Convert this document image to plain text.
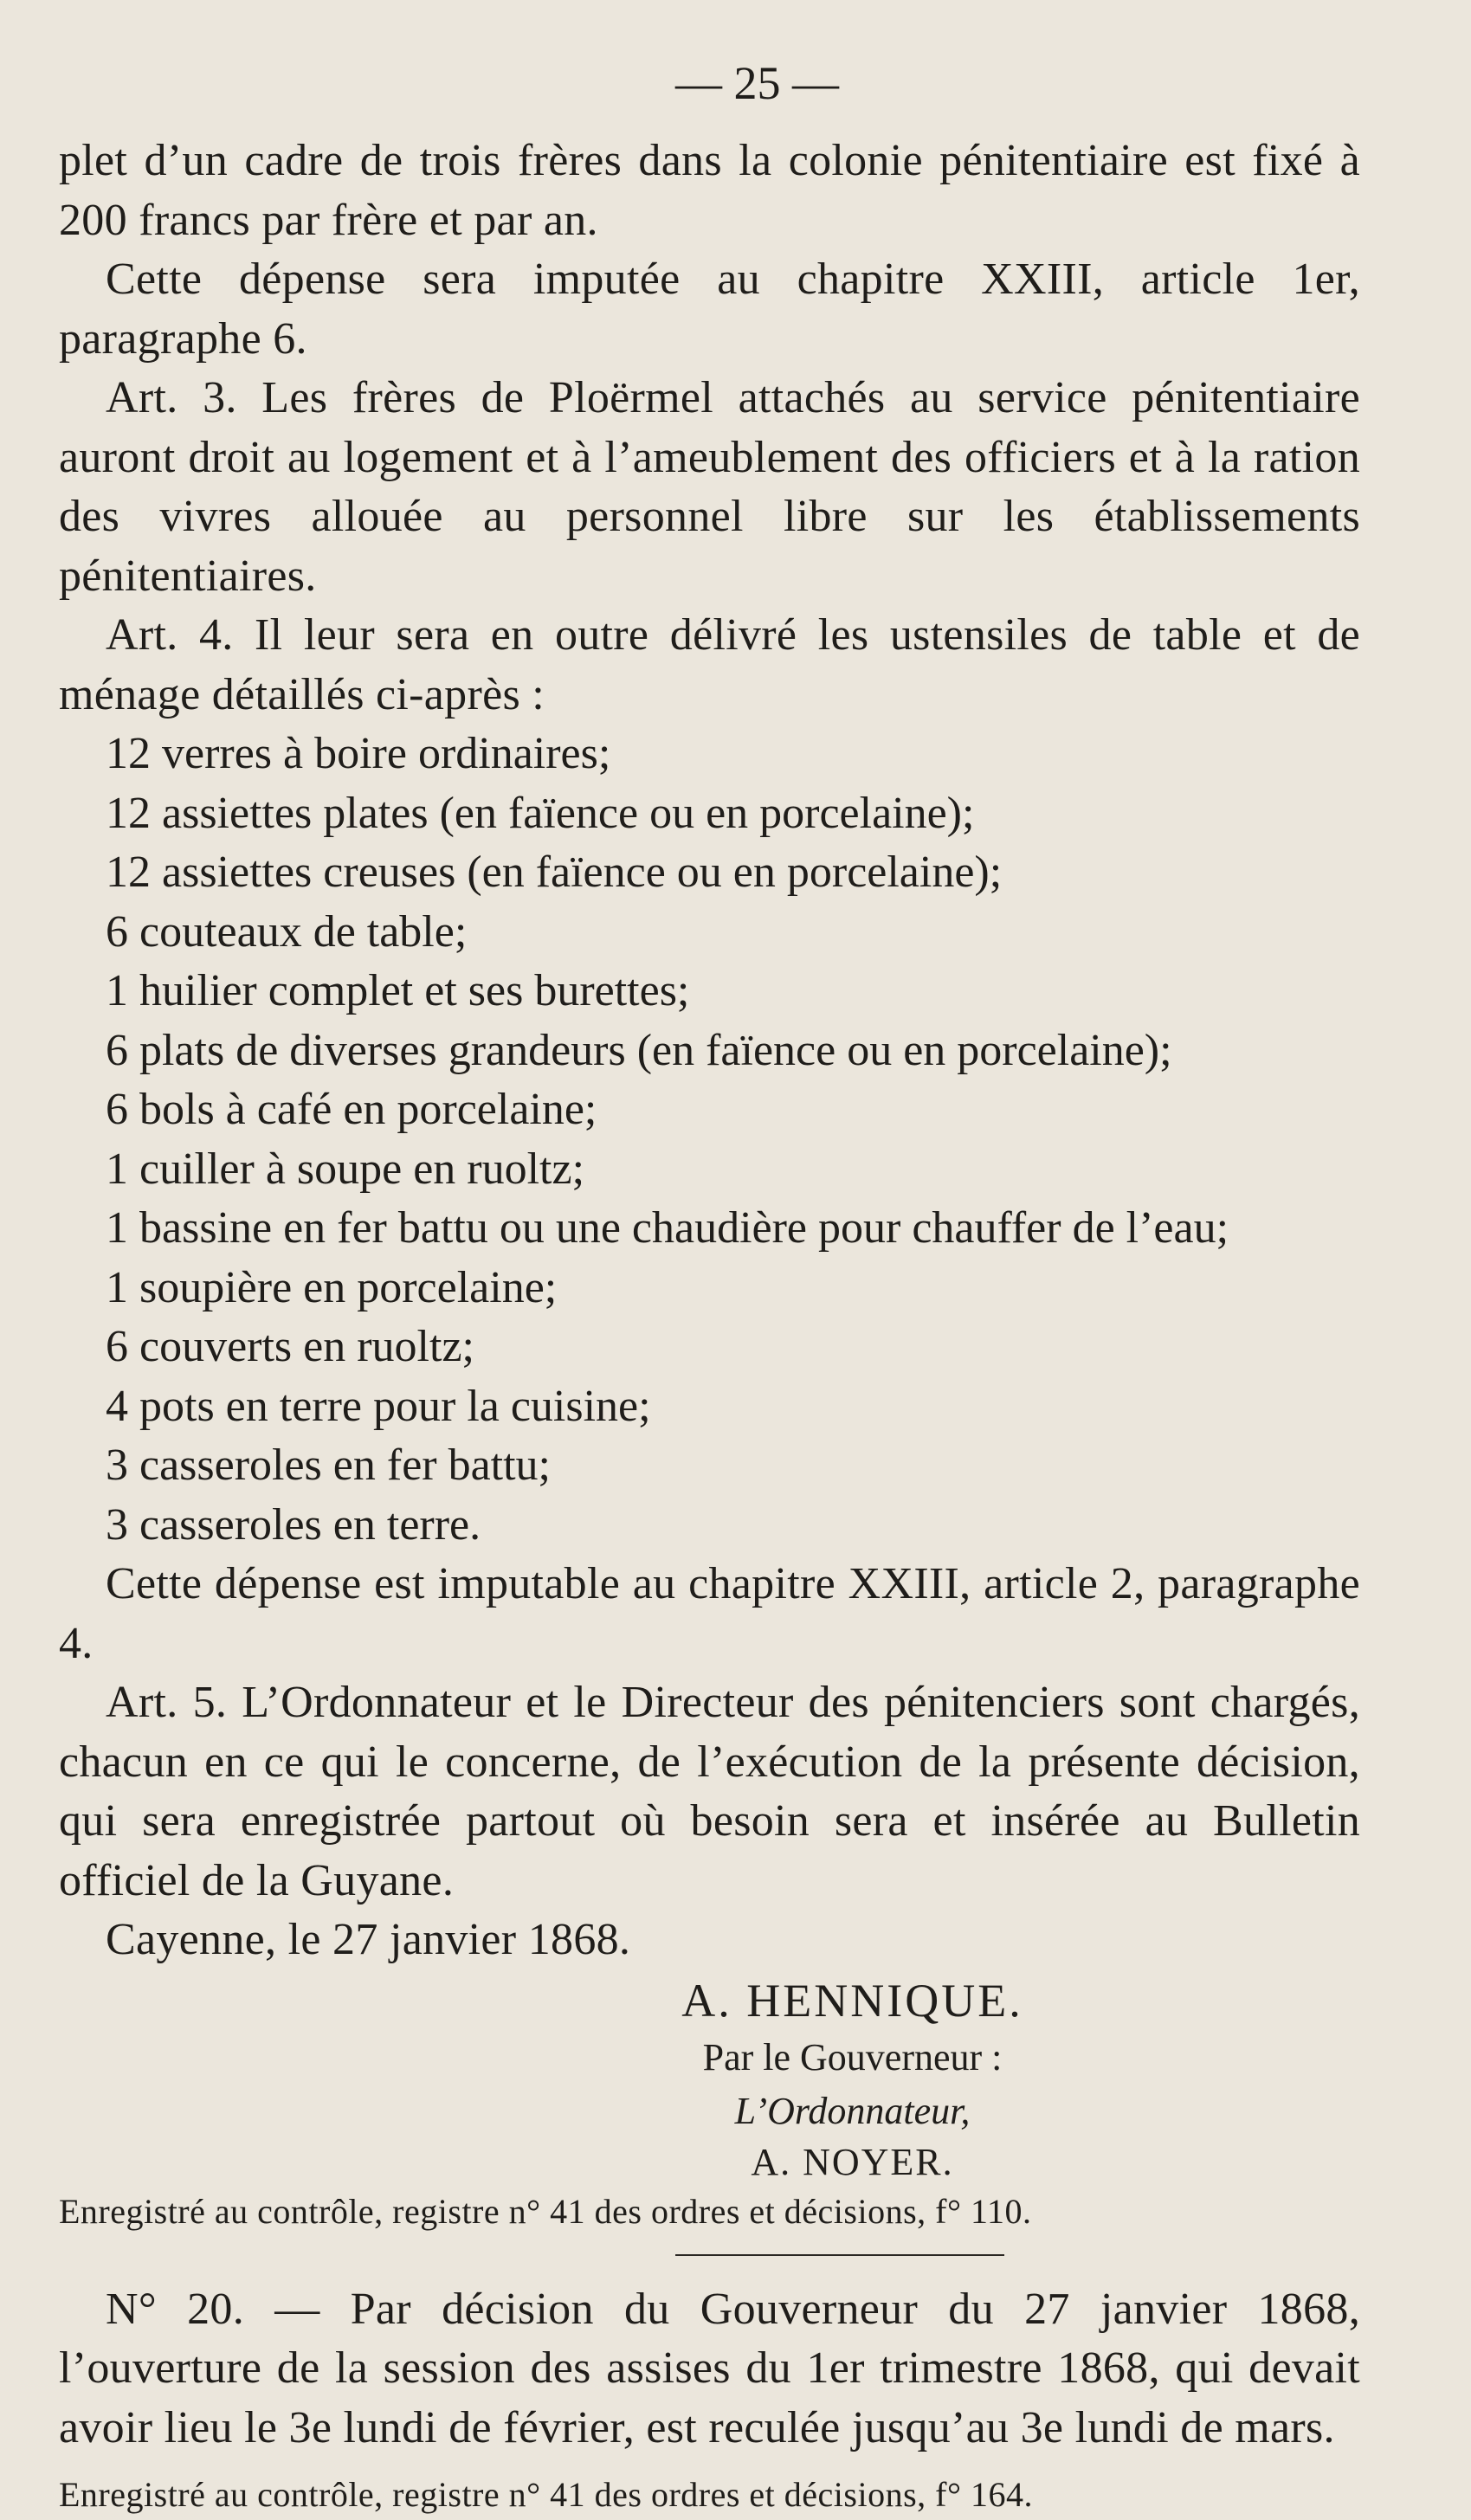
— 25 —

plet d’un cadre de trois frères dans la colonie pénitentiaire est fixé à 200 francs par frère et par an.

Cette dépense sera imputée au chapitre XXIII, article 1er, paragraphe 6.

Art. 3. Les frères de Ploërmel attachés au service pénitentiaire auront droit au logement et à l’ameublement des officiers et à la ration des vivres allouée au personnel libre sur les établissements pénitentiaires.

Art. 4. Il leur sera en outre délivré les ustensiles de table et de ménage détaillés ci-après :

12 verres à boire ordinaires;
12 assiettes plates (en faïence ou en porcelaine);
12 assiettes creuses (en faïence ou en porcelaine);
6 couteaux de table;
1 huilier complet et ses burettes;
6 plats de diverses grandeurs (en faïence ou en porcelaine);
6 bols à café en porcelaine;
1 cuiller à soupe en ruoltz;
1 bassine en fer battu ou une chaudière pour chauffer de l’eau;
1 soupière en porcelaine;
6 couverts en ruoltz;
4 pots en terre pour la cuisine;
3 casseroles en fer battu;
3 casseroles en terre.

Cette dépense est imputable au chapitre XXIII, article 2, paragraphe 4.

Art. 5. L’Ordonnateur et le Directeur des pénitenciers sont chargés, chacun en ce qui le concerne, de l’exécution de la présente décision, qui sera enregistrée partout où besoin sera et insérée au Bulletin officiel de la Guyane.

Cayenne, le 27 janvier 1868.

A. HENNIQUE.
Par le Gouverneur :
L’Ordonnateur,
A. NOYER.

Enregistré au contrôle, registre n° 41 des ordres et décisions, f° 110.

N° 20. — Par décision du Gouverneur du 27 janvier 1868, l’ouverture de la session des assises du 1er trimestre 1868, qui devait avoir lieu le 3e lundi de février, est reculée jusqu’au 3e lundi de mars.

Enregistré au contrôle, registre n° 41 des ordres et décisions, f° 164.
